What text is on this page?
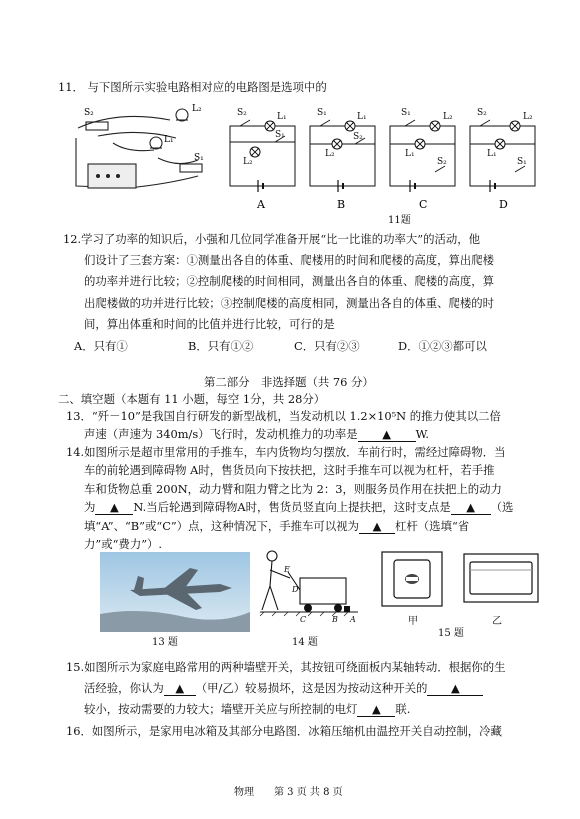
11． 与下图所示实验电路相对应的电路图是选项中的
S₂	L₂
L₁
S₁
S₂	L₁
L₂
S₁
S₁	L₁
L₂
S₂
S₁	L₂
L₁
S₂
S₂	L₂
L₁
S₁
A	B	C	D
11题
12.学习了功率的知识后，小强和几位同学准备开展“比一比谁的功率大”的活动，他
们设计了三套方案：①测量出各自的体重、爬楼用的时间和爬楼的高度，算出爬楼
的功率并进行比较；②控制爬楼的时间相同，测量出各自的体重、爬楼的高度，算
出爬楼做的功并进行比较；③控制爬楼的高度相同，测量出各自的体重、爬楼的时
间，算出体重和时间的比值并进行比较，可行的是
A．只有①	B．只有①②	C．只有②③	D．①②③都可以
第二部分　非选择题（共 76 分）
二、填空题（本题有 11 小题，每空 1分，共 28分）
13．“歼－10”是我国自行研发的新型战机，当发动机以 1.2×10⁵N 的推力使其以二倍
声速（声速为 340m/s）飞行时，发动机推力的功率是 ▲ W.
14.如图所示是超市里常用的手推车，车内货物均匀摆放．车前行时，需经过障碍物．当
车的前轮遇到障碍物 A时，售货员向下按扶把，这时手推车可以视为杠杆，若手推
车和货物总重 200N，动力臂和阻力臂之比为 2：3，则服务员作用在扶把上的动力
为 ▲ N.当后轮遇到障碍物A时，售货员竖直向上提扶把，这时支点是 ▲ （选
填“A”、“B”或“C”）点，这种情况下，手推车可以视为 ▲ 杠杆（选填“省
力”或“费力”）.
13 题
E
D
C	B A
14 题
甲	乙
15 题
15.如图所示为家庭电路常用的两种墙壁开关，其按钮可绕面板内某轴转动．根据你的生
活经验，你认为 ▲ （甲/乙）较易损坏，这是因为按动这种开关的 ▲
较小，按动需要的力较大；墙壁开关应与所控制的电灯 ▲ 联.
16．如图所示，是家用电冰箱及其部分电路图．冰箱压缩机由温控开关自动控制，冷藏
物理　　第 3 页 共 8 页
